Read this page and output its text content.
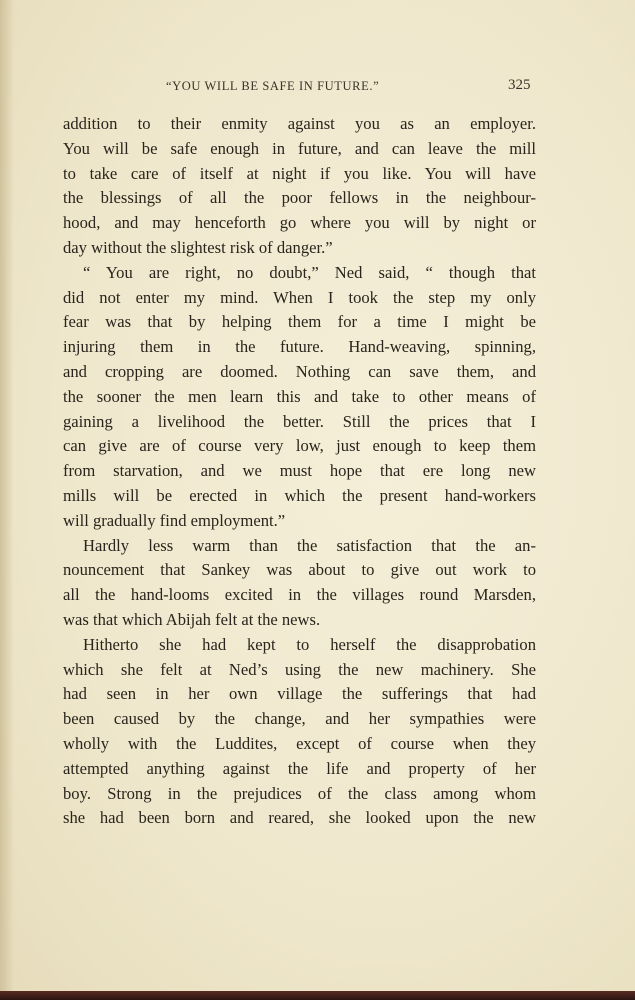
“YOU WILL BE SAFE IN FUTURE.”	325
addition to their enmity against you as an employer.
You will be safe enough in future, and can leave the mill
to take care of itself at night if you like. You will have
the blessings of all the poor fellows in the neighbour-
hood, and may henceforth go where you will by night or
day without the slightest risk of danger.”
“ You are right, no doubt,” Ned said, “ though that
did not enter my mind. When I took the step my only
fear was that by helping them for a time I might be
injuring them in the future. Hand-weaving, spinning,
and cropping are doomed. Nothing can save them, and
the sooner the men learn this and take to other means of
gaining a livelihood the better. Still the prices that I
can give are of course very low, just enough to keep them
from starvation, and we must hope that ere long new
mills will be erected in which the present hand-workers
will gradually find employment.”
Hardly less warm than the satisfaction that the an-
nouncement that Sankey was about to give out work to
all the hand-looms excited in the villages round Marsden,
was that which Abijah felt at the news.
Hitherto she had kept to herself the disapprobation
which she felt at Ned’s using the new machinery. She
had seen in her own village the sufferings that had
been caused by the change, and her sympathies were
wholly with the Luddites, except of course when they
attempted anything against the life and property of her
boy. Strong in the prejudices of the class among whom
she had been born and reared, she looked upon the new
